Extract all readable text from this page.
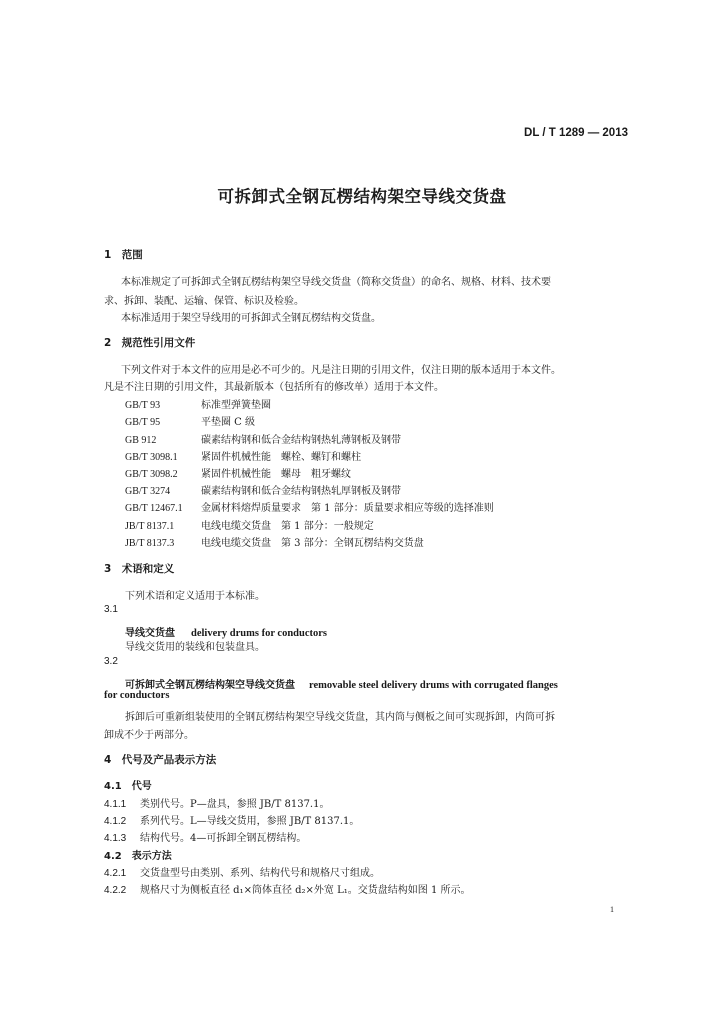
DL / T 1289 — 2013
可拆卸式全钢瓦楞结构架空导线交货盘
1　范围
本标准规定了可拆卸式全钢瓦楞结构架空导线交货盘（简称交货盘）的命名、规格、材料、技术要
求、拆卸、装配、运输、保管、标识及检验。
本标准适用于架空导线用的可拆卸式全钢瓦楞结构交货盘。
2　规范性引用文件
下列文件对于本文件的应用是必不可少的。凡是注日期的引用文件，仅注日期的版本适用于本文件。
凡是不注日期的引用文件，其最新版本（包括所有的修改单）适用于本文件。
GB/T 93	标准型弹簧垫圈
GB/T 95	平垫圈 C 级
GB 912	碳素结构钢和低合金结构钢热轧薄钢板及钢带
GB/T 3098.1 紧固件机械性能　螺栓、螺钉和螺柱
GB/T 3098.2 紧固件机械性能　螺母　粗牙螺纹
GB/T 3274	碳素结构钢和低合金结构钢热轧厚钢板及钢带
GB/T 12467.1 金属材料熔焊质量要求　第 1 部分：质量要求相应等级的选择准则
JB/T 8137.1	电线电缆交货盘　第 1 部分：一般规定
JB/T 8137.3	电线电缆交货盘　第 3 部分：全钢瓦楞结构交货盘
3　术语和定义
下列术语和定义适用于本标准。
3.1
导线交货盘 delivery drums for conductors
导线交货用的装线和包装盘具。
3.2
可拆卸式全钢瓦楞结构架空导线交货盘 removable steel delivery drums with corrugated flanges
for conductors
拆卸后可重新组装使用的全钢瓦楞结构架空导线交货盘，其内筒与侧板之间可实现拆卸，内筒可拆
卸成不少于两部分。
4　代号及产品表示方法
4.1　代号
4.1.1 类别代号。P—盘具，参照 JB/T 8137.1。
4.1.2 系列代号。L—导线交货用，参照 JB/T 8137.1。
4.1.3 结构代号。4—可拆卸全钢瓦楞结构。
4.2　表示方法
4.2.1 交货盘型号由类别、系列、结构代号和规格尺寸组成。
4.2.2 规格尺寸为侧板直径 d₁×筒体直径 d₂×外宽 L₁。交货盘结构如图 1 所示。
1
